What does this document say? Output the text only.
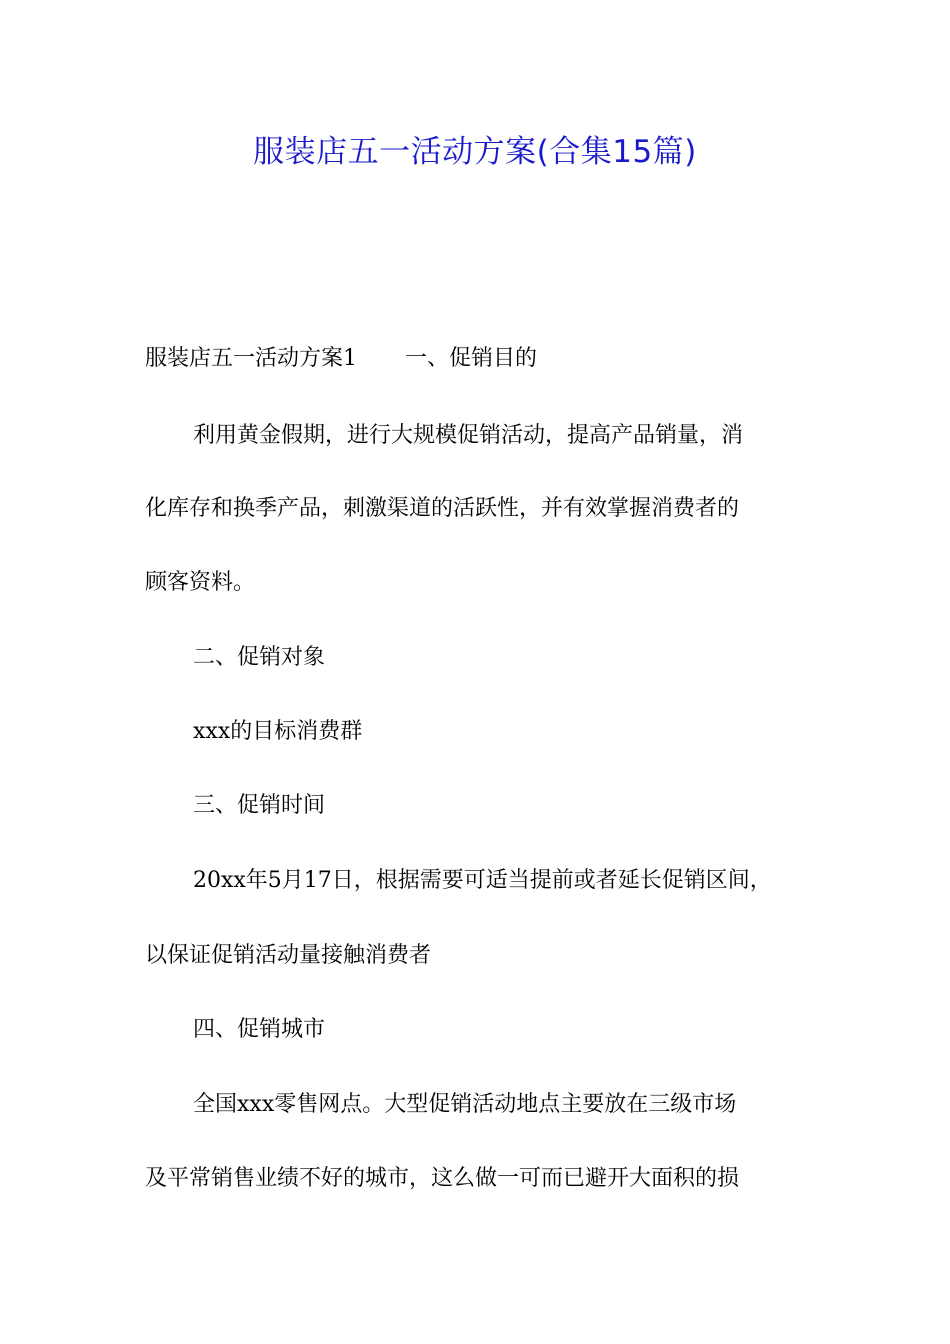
服装店五一活动方案(合集15篇)

服装店五一活动方案1 一、促销目的

利用黄金假期，进行大规模促销活动，提高产品销量，消

化库存和换季产品，刺激渠道的活跃性，并有效掌握消费者的

顾客资料。

二、促销对象

xxx的目标消费群

三、促销时间

20xx年5月17日，根据需要可适当提前或者延长促销区间，

以保证促销活动量接触消费者

四、促销城市

全国xxx零售网点。大型促销活动地点主要放在三级市场

及平常销售业绩不好的城市，这么做一可而已避开大面积的损
